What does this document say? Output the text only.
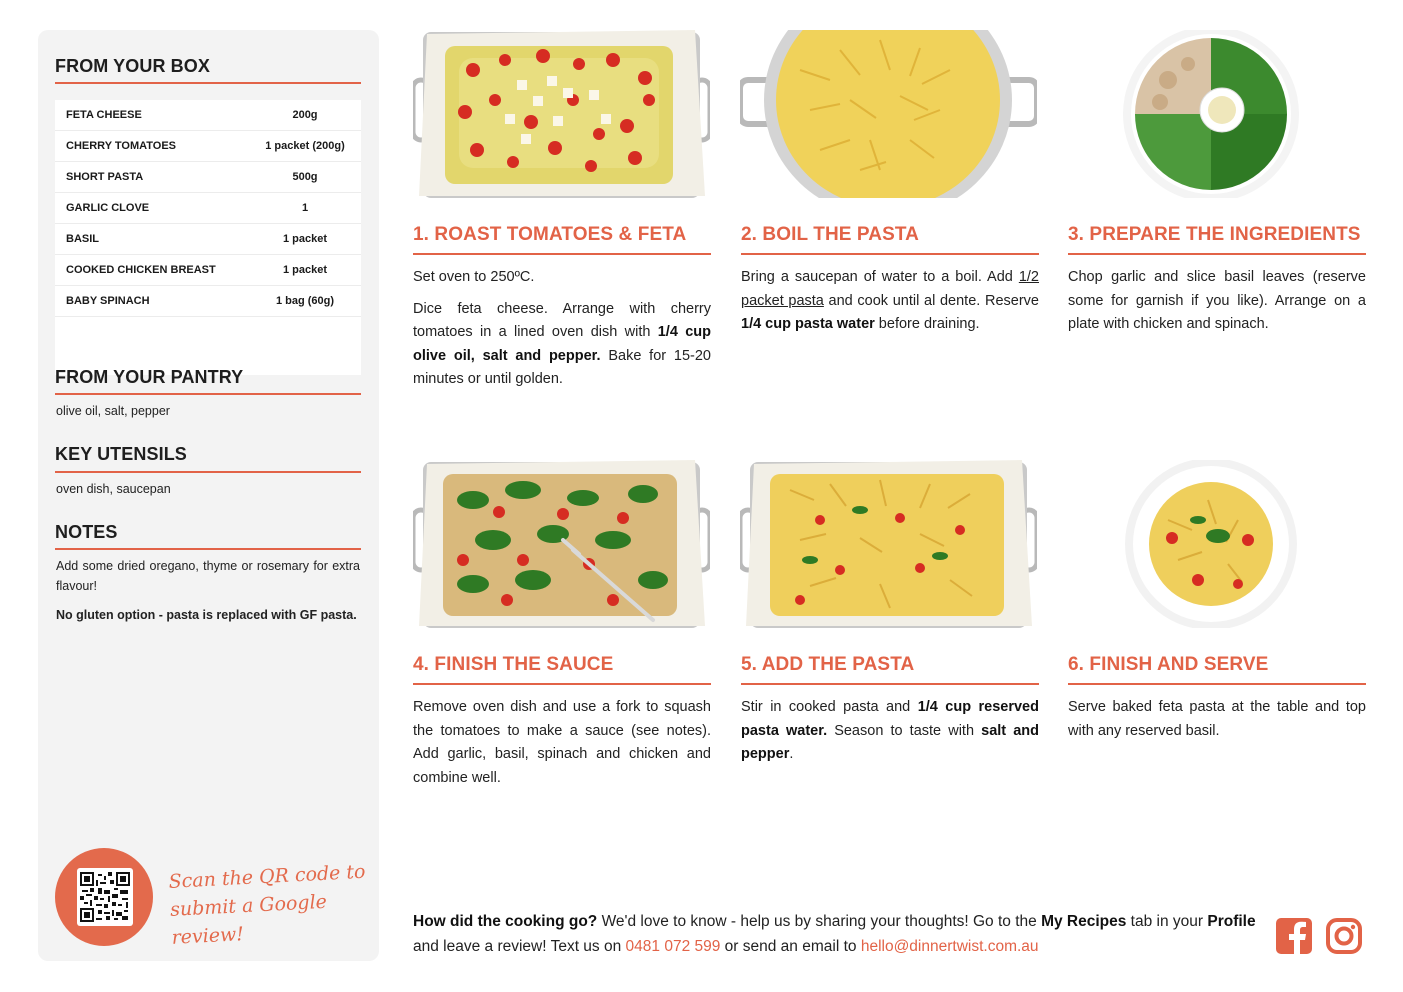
FROM YOUR BOX
FETA CHEESE	200g
CHERRY TOMATOES	1 packet (200g)
SHORT PASTA	500g
GARLIC CLOVE	1
BASIL	1 packet
COOKED CHICKEN BREAST	1 packet
BABY SPINACH	1 bag (60g)
FROM YOUR PANTRY
olive oil, salt, pepper
KEY UTENSILS
oven dish, saucepan
NOTES
Add some dried oregano, thyme or rosemary for extra flavour!
No gluten option - pasta is replaced with GF pasta.
Scan the QR code to
submit a Google review!
1. ROAST TOMATOES & FETA

Set oven to 250ºC.

Dice feta cheese. Arrange with cherry tomatoes in a lined oven dish with 1/4 cup olive oil, salt and pepper. Bake for 15-20 minutes or until golden.

2. BOIL THE PASTA

Bring a saucepan of water to a boil. Add 1/2 packet pasta and cook until al dente. Reserve 1/4 cup pasta water before draining.

3. PREPARE THE INGREDIENTS

Chop garlic and slice basil leaves (reserve some for garnish if you like). Arrange on a plate with chicken and spinach.

4. FINISH THE SAUCE

Remove oven dish and use a fork to squash the tomatoes to make a sauce (see notes). Add garlic, basil, spinach and chicken and combine well.

5. ADD THE PASTA

Stir in cooked pasta and 1/4 cup reserved pasta water. Season to taste with salt and pepper.

6. FINISH AND SERVE

Serve baked feta pasta at the table and top with any reserved basil.

How did the cooking go? We'd love to know - help us by sharing your thoughts! Go to the My Recipes tab in your Profile and leave a review! Text us on 0481 072 599 or send an email to hello@dinnertwist.com.au
